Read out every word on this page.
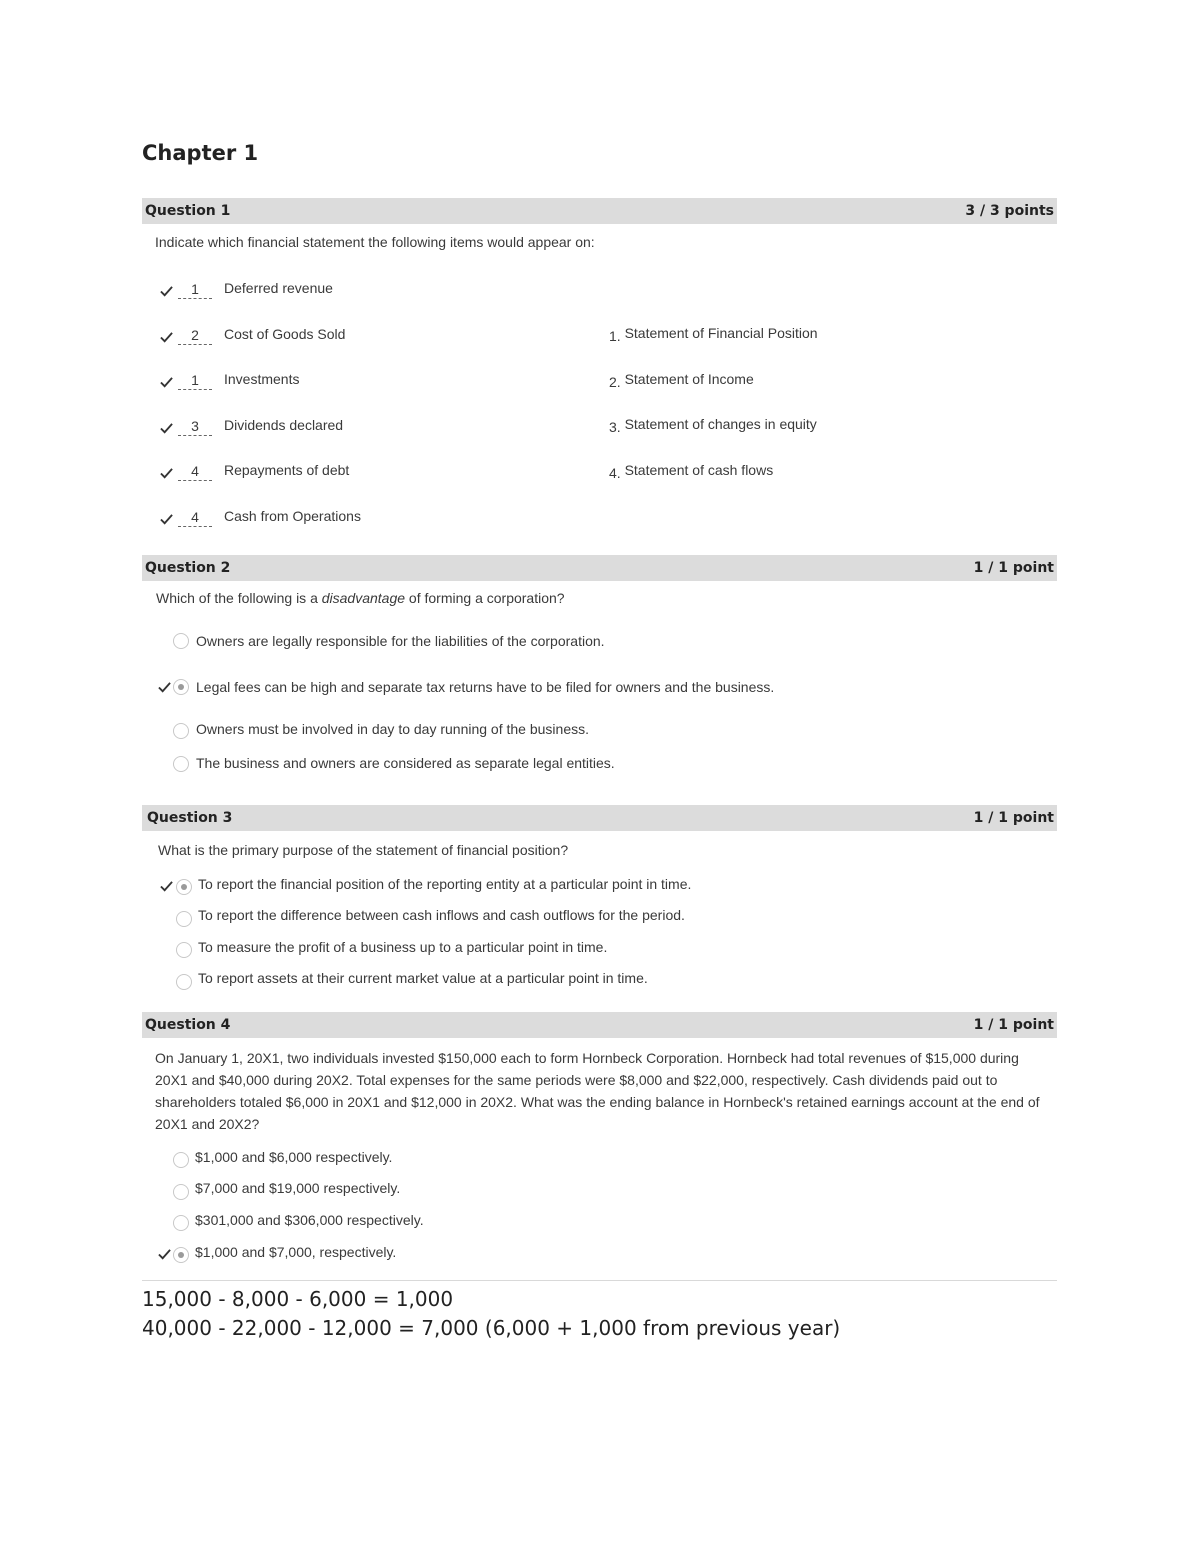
Chapter 1
Question 1	3 / 3 points
Indicate which financial statement the following items would appear on:
1	Deferred revenue
2	Cost of Goods Sold
1	Investments
3	Dividends declared
4	Repayments of debt
4	Cash from Operations
1. Statement of Financial Position
2. Statement of Income
3. Statement of changes in equity
4. Statement of cash flows
Question 2	1 / 1 point
Which of the following is a disadvantage of forming a corporation?
Owners are legally responsible for the liabilities of the corporation.
Legal fees can be high and separate tax returns have to be filed for owners and the business.
Owners must be involved in day to day running of the business.
The business and owners are considered as separate legal entities.
Question 3	1 / 1 point
What is the primary purpose of the statement of financial position?
To report the financial position of the reporting entity at a particular point in time.
To report the difference between cash inflows and cash outflows for the period.
To measure the profit of a business up to a particular point in time.
To report assets at their current market value at a particular point in time.
Question 4	1 / 1 point
On January 1, 20X1, two individuals invested $150,000 each to form Hornbeck Corporation. Hornbeck had total revenues of $15,000 during 20X1 and $40,000 during 20X2. Total expenses for the same periods were $8,000 and $22,000, respectively. Cash dividends paid out to shareholders totaled $6,000 in 20X1 and $12,000 in 20X2. What was the ending balance in Hornbeck's retained earnings account at the end of 20X1 and 20X2?
$1,000 and $6,000 respectively.
$7,000 and $19,000 respectively.
$301,000 and $306,000 respectively.
$1,000 and $7,000, respectively.
15,000 - 8,000 - 6,000 = 1,000
40,000 - 22,000 - 12,000 = 7,000 (6,000 + 1,000 from previous year)
